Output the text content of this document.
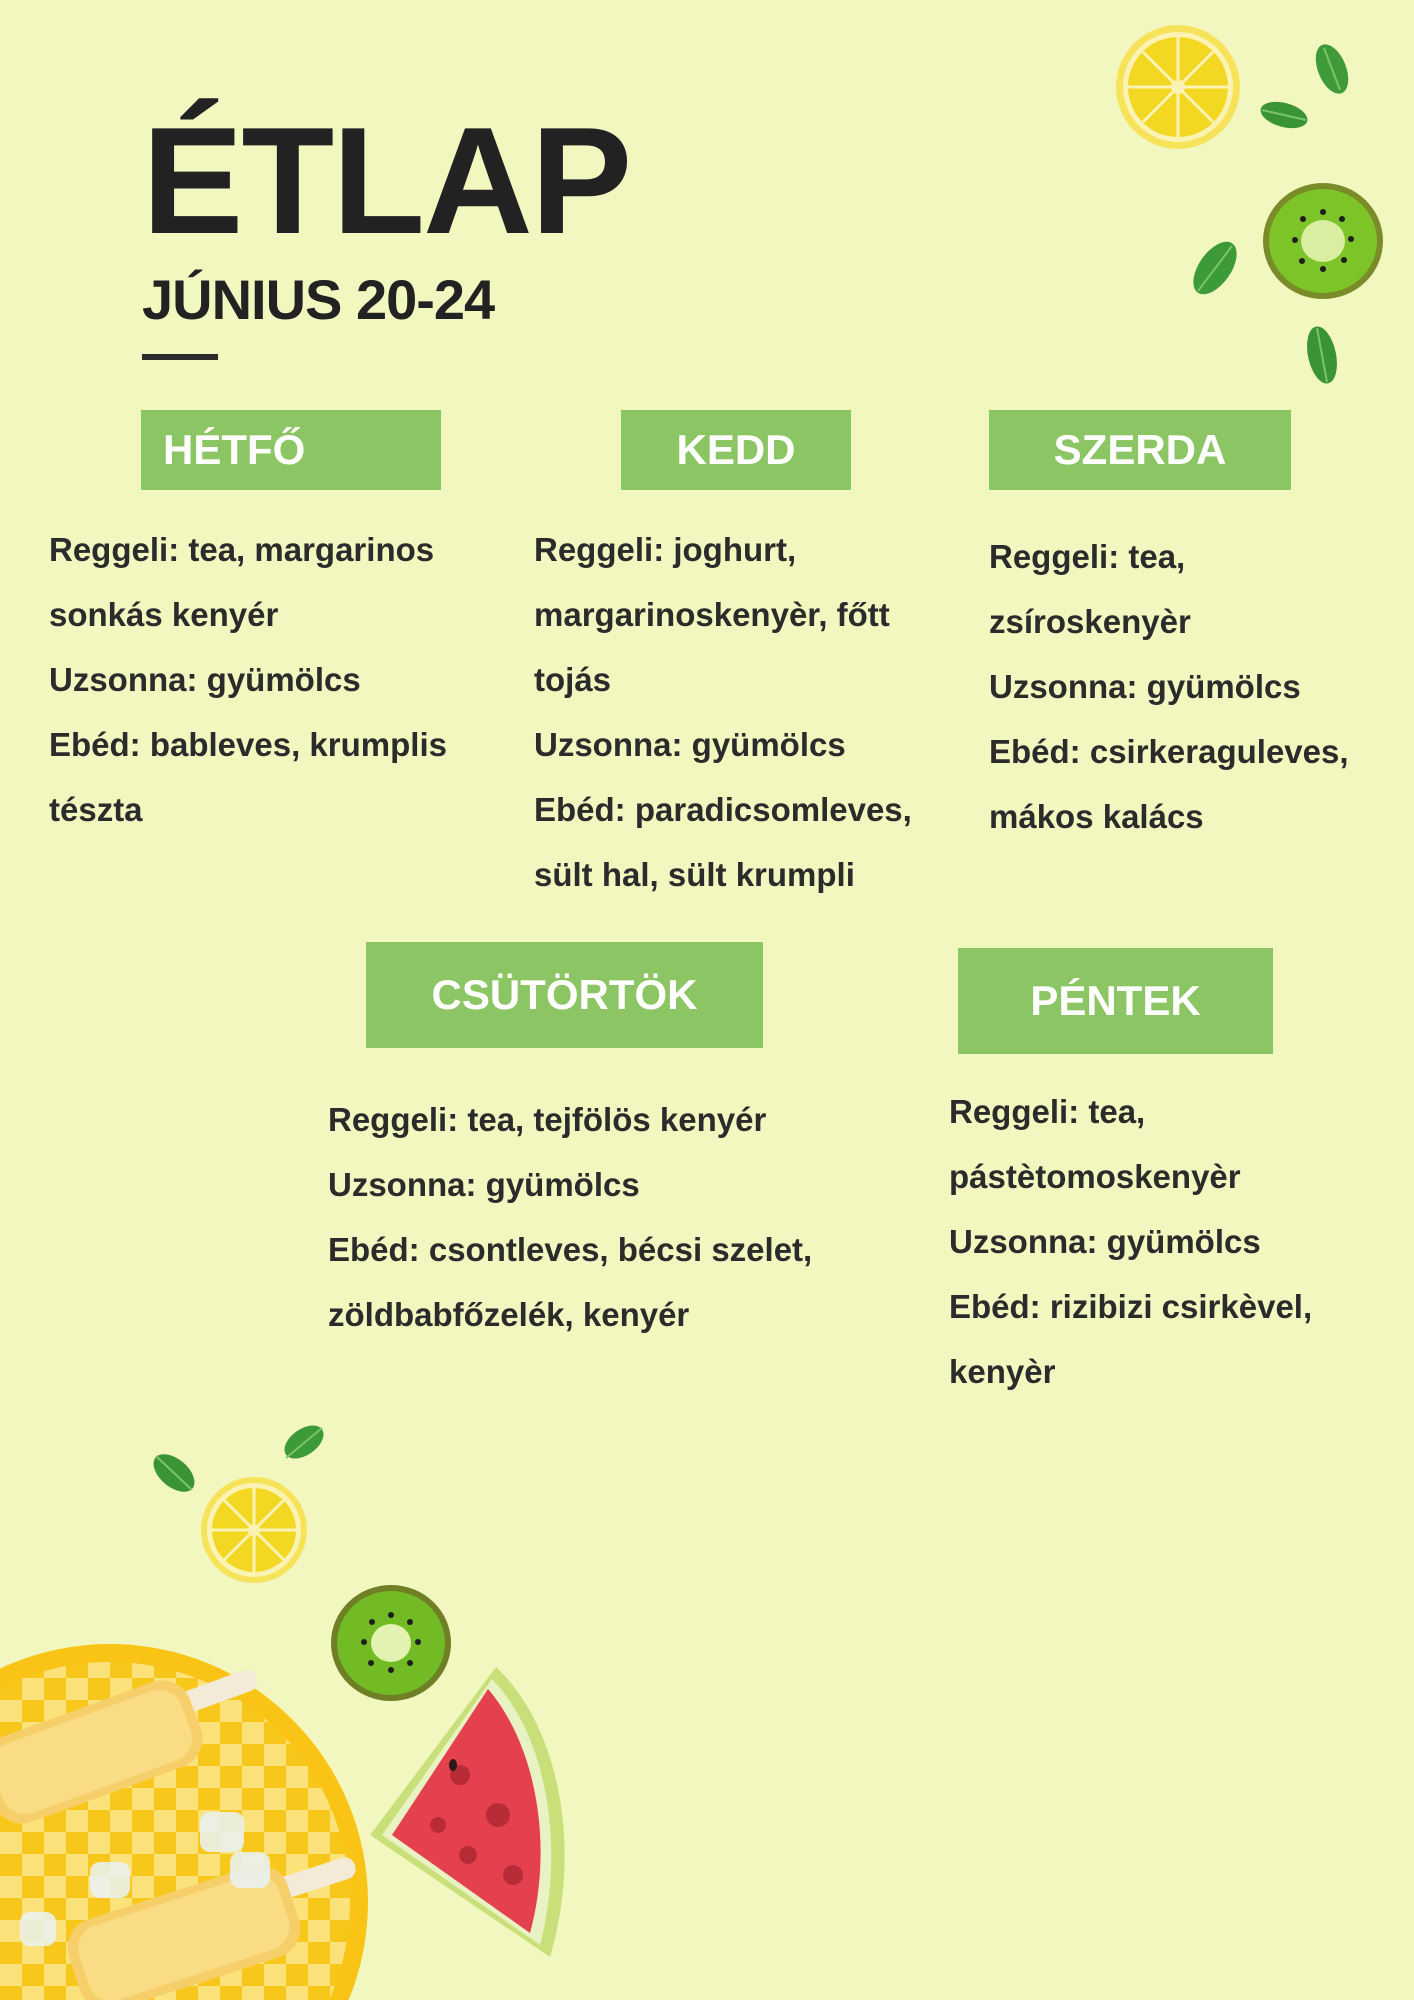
ÉTLAP
JÚNIUS 20-24
HÉTFŐ

Reggeli: tea, margarinos

sonkás kenyér

Uzsonna: gyümölcs

Ebéd: bableves, krumplis

tészta

KEDD

Reggeli: joghurt,

margarinoskenyèr, főtt

tojás

Uzsonna: gyümölcs

Ebéd: paradicsomleves,

sült hal, sült krumpli

SZERDA

Reggeli: tea,

zsíroskenyèr

Uzsonna: gyümölcs

Ebéd: csirkeraguleves,

mákos kalács

CSÜTÖRTÖK

Reggeli: tea, tejfölös kenyér

Uzsonna: gyümölcs

Ebéd: csontleves, bécsi szelet,

zöldbabfőzelék, kenyér

PÉNTEK

Reggeli: tea,

pástètomoskenyèr

Uzsonna: gyümölcs

Ebéd: rizibizi csirkèvel,

kenyèr
